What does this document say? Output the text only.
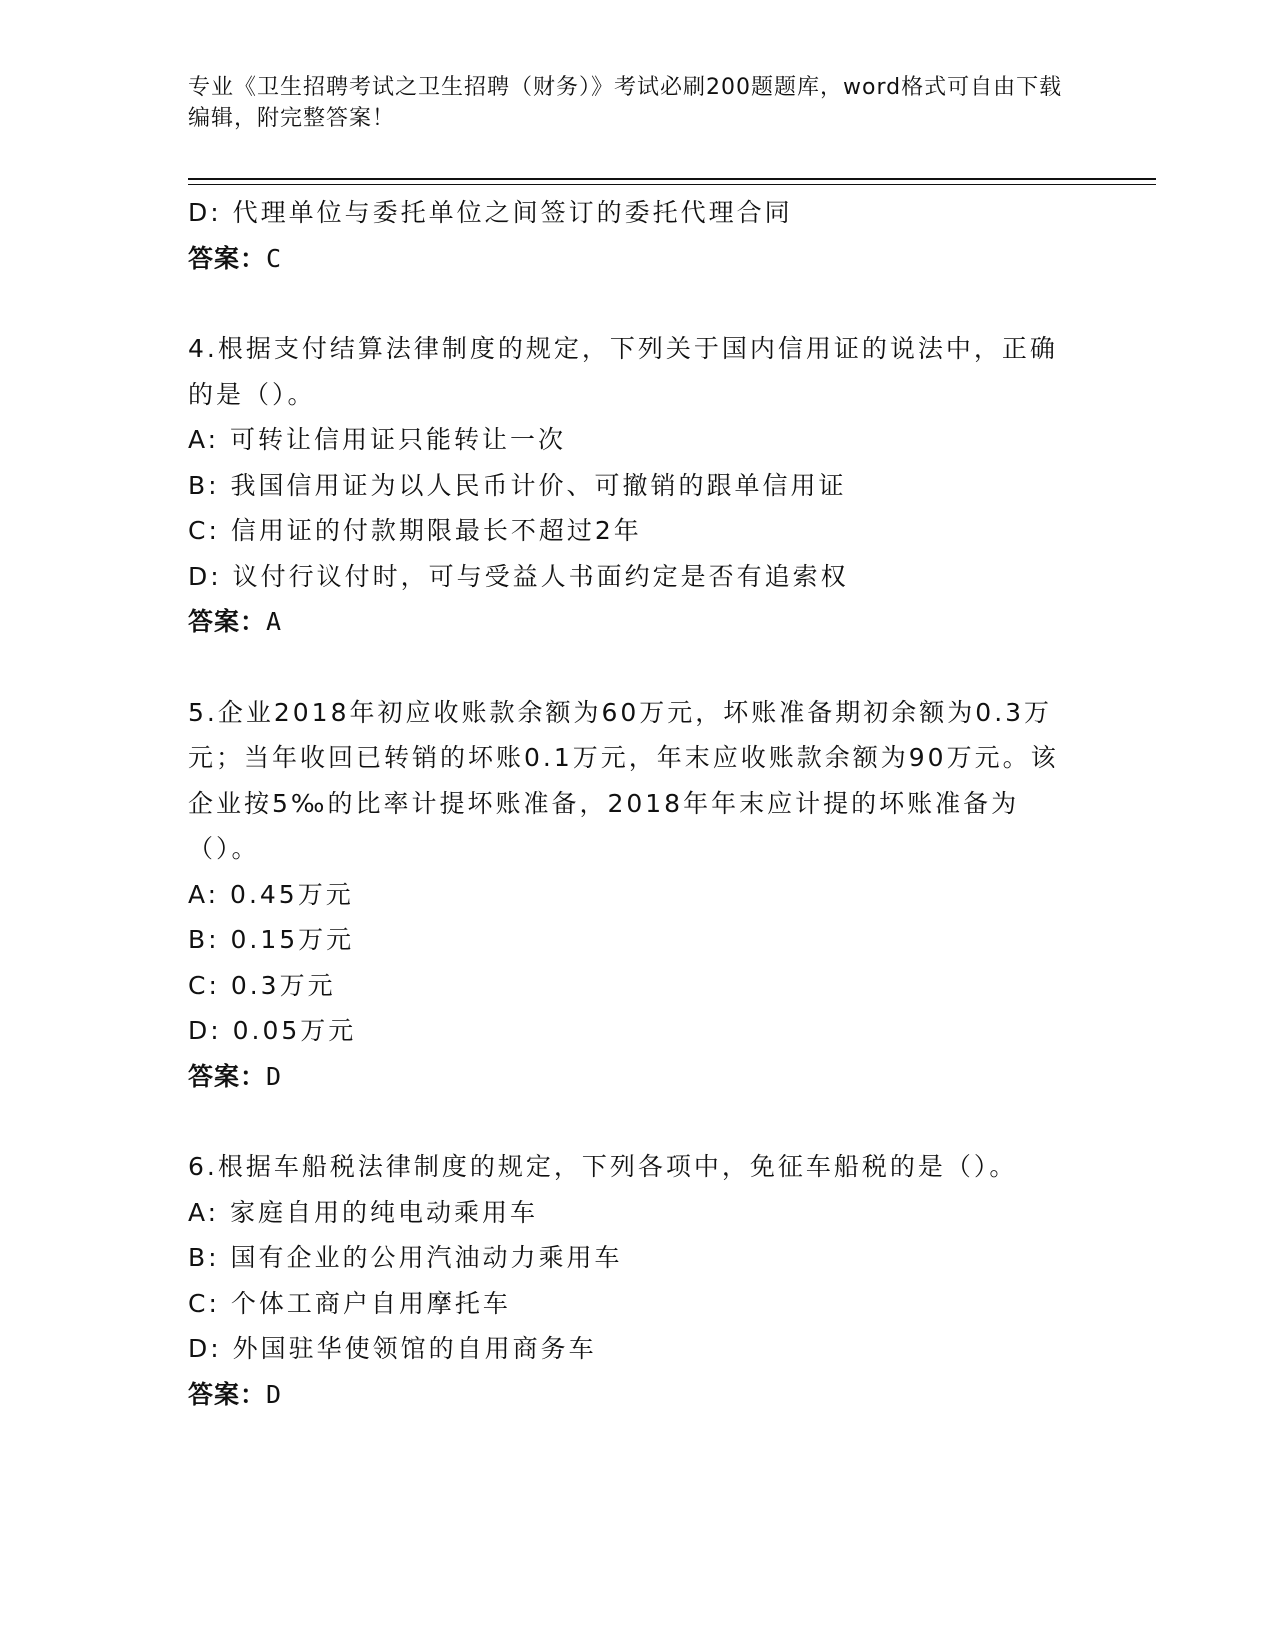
专业《卫生招聘考试之卫生招聘（财务）》考试必刷200题题库，word格式可自由下载编辑，附完整答案！
D: 代理单位与委托单位之间签订的委托代理合同
答案：C
4.根据支付结算法律制度的规定，下列关于国内信用证的说法中，正确的是（）。
A: 可转让信用证只能转让一次
B: 我国信用证为以人民币计价、可撤销的跟单信用证
C: 信用证的付款期限最长不超过2年
D: 议付行议付时，可与受益人书面约定是否有追索权
答案：A
5.企业2018年初应收账款余额为60万元，坏账准备期初余额为0.3万元；当年收回已转销的坏账0.1万元，年末应收账款余额为90万元。该企业按5‰的比率计提坏账准备，2018年年末应计提的坏账准备为（）。
A: 0.45万元
B: 0.15万元
C: 0.3万元
D: 0.05万元
答案：D
6.根据车船税法律制度的规定，下列各项中，免征车船税的是（）。
A: 家庭自用的纯电动乘用车
B: 国有企业的公用汽油动力乘用车
C: 个体工商户自用摩托车
D: 外国驻华使领馆的自用商务车
答案：D
